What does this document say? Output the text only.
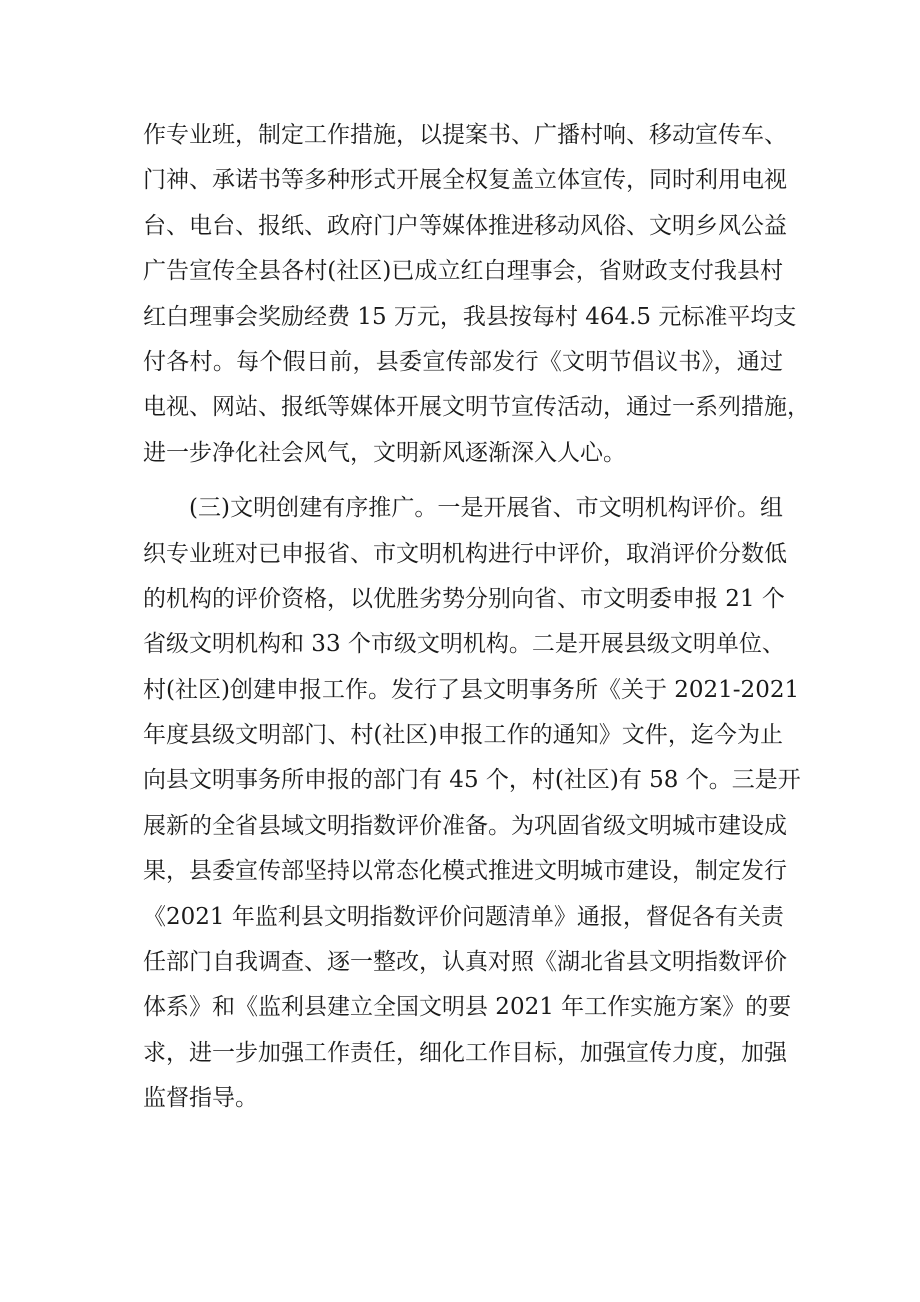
作专业班，制定工作措施，以提案书、广播村响、移动宣传车、
门神、承诺书等多种形式开展全权复盖立体宣传，同时利用电视
台、电台、报纸、政府门户等媒体推进移动风俗、文明乡风公益
广告宣传全县各村(社区)已成立红白理事会，省财政支付我县村
红白理事会奖励经费 15 万元，我县按每村 464.5 元标准平均支
付各村。每个假日前，县委宣传部发行《文明节倡议书》，通过
电视、网站、报纸等媒体开展文明节宣传活动，通过一系列措施，
进一步净化社会风气，文明新风逐渐深入人心。
(三)文明创建有序推广。一是开展省、市文明机构评价。组
织专业班对已申报省、市文明机构进行中评价，取消评价分数低
的机构的评价资格，以优胜劣势分别向省、市文明委申报 21 个
省级文明机构和 33 个市级文明机构。二是开展县级文明单位、
村(社区)创建申报工作。发行了县文明事务所《关于 2021-2021
年度县级文明部门、村(社区)申报工作的通知》文件，迄今为止
向县文明事务所申报的部门有 45 个，村(社区)有 58 个。三是开
展新的全省县域文明指数评价准备。为巩固省级文明城市建设成
果，县委宣传部坚持以常态化模式推进文明城市建设，制定发行
《2021 年监利县文明指数评价问题清单》通报，督促各有关责
任部门自我调查、逐一整改，认真对照《湖北省县文明指数评价
体系》和《监利县建立全国文明县 2021 年工作实施方案》的要
求，进一步加强工作责任，细化工作目标，加强宣传力度，加强
监督指导。
